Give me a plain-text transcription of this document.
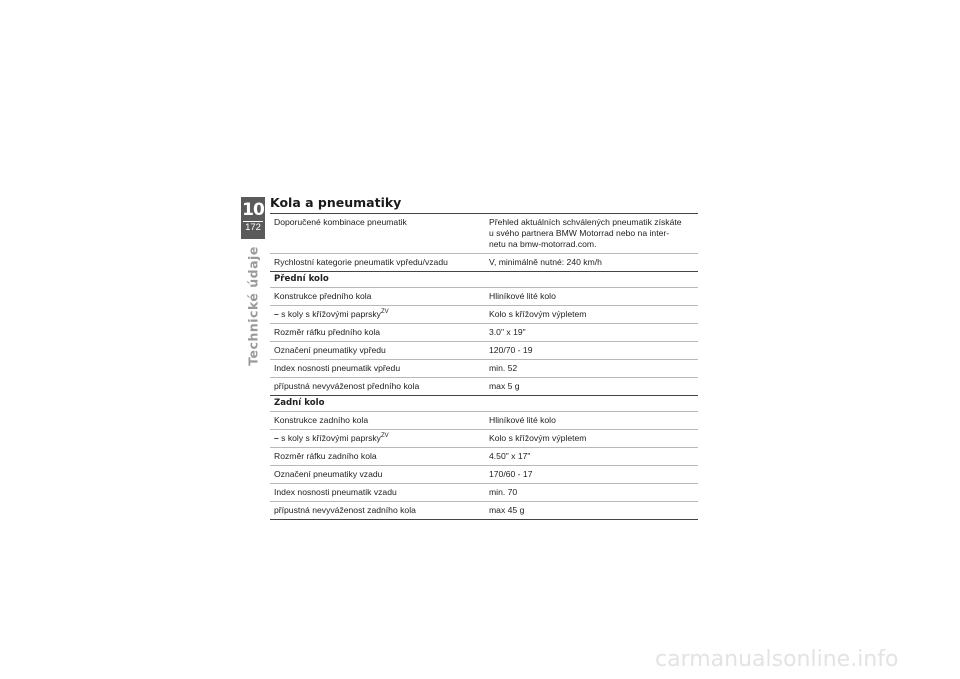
10
172
Technické údaje
Kola a pneumatiky
Doporučené kombinace pneumatik	Přehled aktuálních schválených pneumatik získáte
u svého partnera BMW Motorrad nebo na inter-
netu na bmw-motorrad.com.
Rychlostní kategorie pneumatik vpředu/vzadu	V, minimálně nutné: 240 km/h
Přední kolo
Konstrukce předního kola	Hliníkové lité kolo
– s koly s křížovými paprsky$^{ZV}$	Kolo s křížovým výpletem
Rozměr ráfku předního kola	3.0" x 19"
Označení pneumatiky vpředu	120/70 - 19
Index nosnosti pneumatik vpředu	min. 52
přípustná nevyváženost předního kola	max 5 g
Zadní kolo
Konstrukce zadního kola	Hliníkové lité kolo
– s koly s křížovými paprsky$^{ZV}$	Kolo s křížovým výpletem
Rozměr ráfku zadního kola	4.50" x 17"
Označení pneumatiky vzadu	170/60 - 17
Index nosnosti pneumatik vzadu	min. 70
přípustná nevyváženost zadního kola	max 45 g
carmanualsonline.info
